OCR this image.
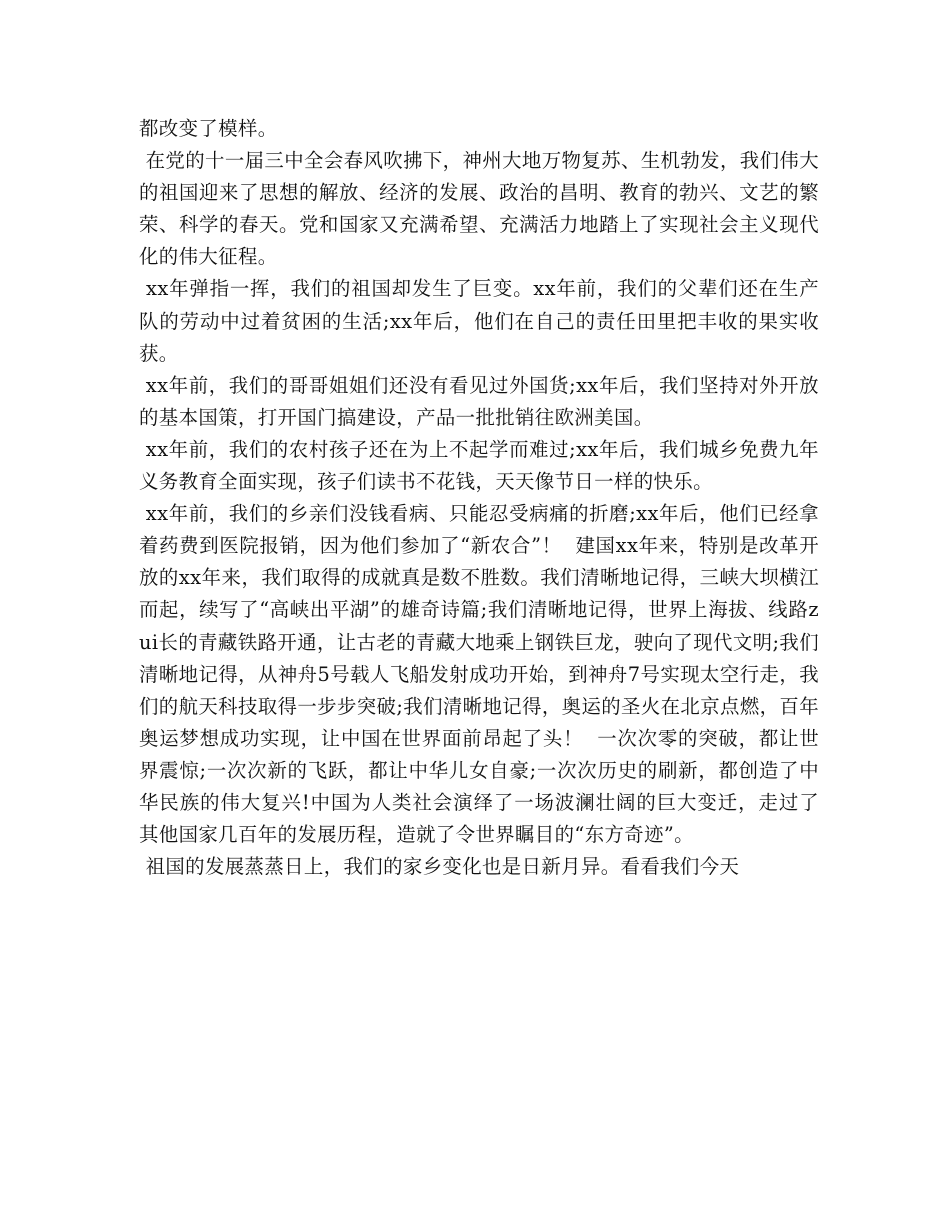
都改变了模样。

在党的十一届三中全会春风吹拂下，神州大地万物复苏、生机勃发，我们伟大的祖国迎来了思想的解放、经济的发展、政治的昌明、教育的勃兴、文艺的繁荣、科学的春天。党和国家又充满希望、充满活力地踏上了实现社会主义现代化的伟大征程。

xx年弹指一挥，我们的祖国却发生了巨变。xx年前，我们的父辈们还在生产队的劳动中过着贫困的生活;xx年后，他们在自己的责任田里把丰收的果实收获。

xx年前，我们的哥哥姐姐们还没有看见过外国货;xx年后，我们坚持对外开放的基本国策，打开国门搞建设，产品一批批销往欧洲美国。

xx年前，我们的农村孩子还在为上不起学而难过;xx年后，我们城乡免费九年义务教育全面实现，孩子们读书不花钱，天天像节日一样的快乐。

xx年前，我们的乡亲们没钱看病、只能忍受病痛的折磨;xx年后，他们已经拿着药费到医院报销，因为他们参加了“新农合”！  建国xx年来，特别是改革开放的xx年来，我们取得的成就真是数不胜数。我们清晰地记得，三峡大坝横江而起，续写了“高峡出平湖”的雄奇诗篇;我们清晰地记得，世界上海拔、线路zui长的青藏铁路开通，让古老的青藏大地乘上钢铁巨龙，驶向了现代文明;我们清晰地记得，从神舟5号载人飞船发射成功开始，到神舟7号实现太空行走，我们的航天科技取得一步步突破;我们清晰地记得，奥运的圣火在北京点燃，百年奥运梦想成功实现，让中国在世界面前昂起了头！  一次次零的突破，都让世界震惊;一次次新的飞跃，都让中华儿女自豪;一次次历史的刷新，都创造了中华民族的伟大复兴!中国为人类社会演绎了一场波澜壮阔的巨大变迁，走过了其他国家几百年的发展历程，造就了令世界瞩目的“东方奇迹”。

祖国的发展蒸蒸日上，我们的家乡变化也是日新月异。看看我们今天
